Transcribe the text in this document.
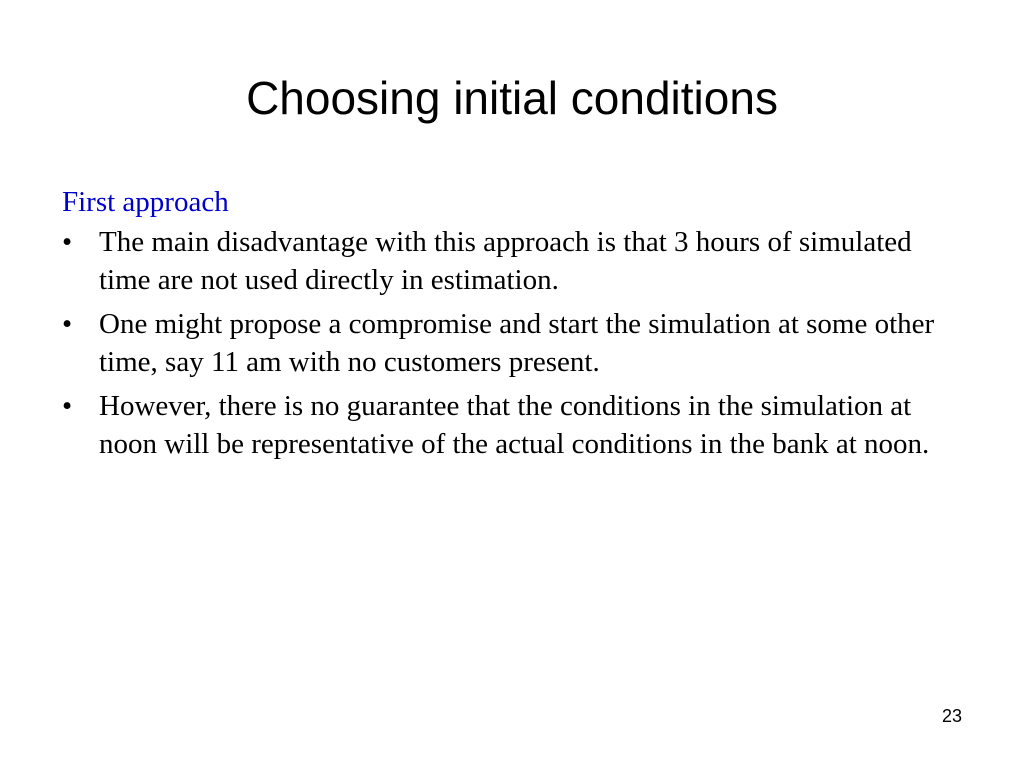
Choosing initial conditions
First approach
• The main disadvantage with this approach is that 3 hours of simulated time are not used directly in estimation.
• One might propose a compromise and start the simulation at some other time, say 11 am with no customers present.
• However, there is no guarantee that the conditions in the simulation at noon will be representative of the actual conditions in the bank at noon.
23
